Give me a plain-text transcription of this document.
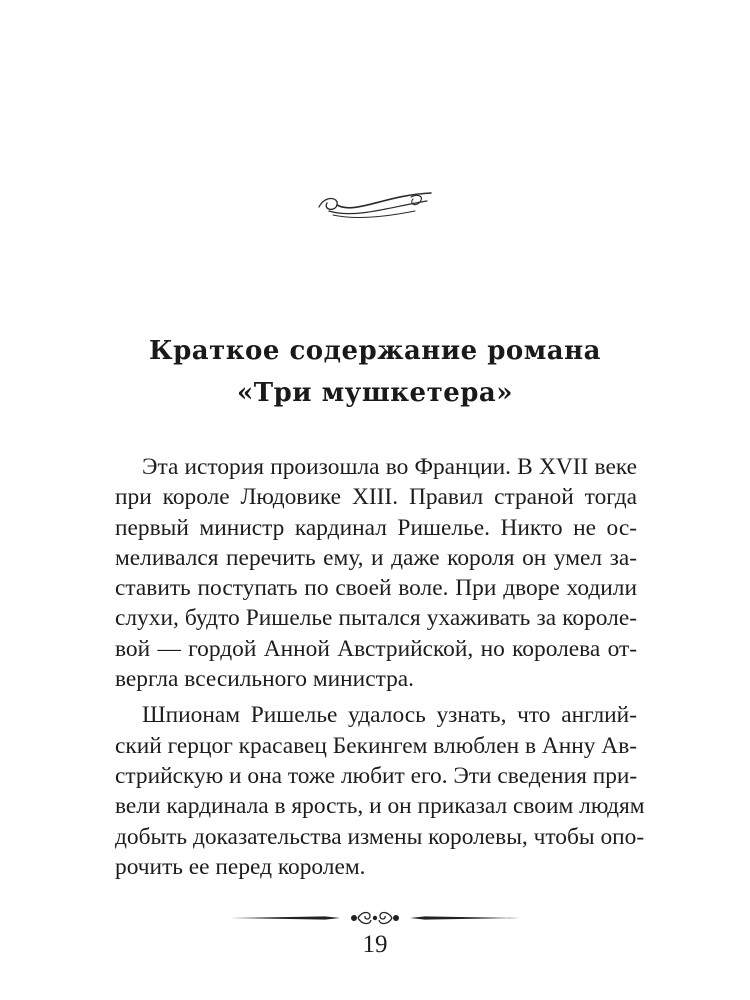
Краткое содержание романа
«Три мушкетера»

Эта история произошла во Франции. В XVII веке
при короле Людовике XIII. Правил страной тогда
первый министр кардинал Ришелье. Никто не ос-
меливался перечить ему, и даже короля он умел за-
ставить поступать по своей воле. При дворе ходили
слухи, будто Ришелье пытался ухаживать за короле-
вой — гордой Анной Австрийской, но королева от-
вергла всесильного министра.

Шпионам Ришелье удалось узнать, что англий-
ский герцог красавец Бекингем влюблен в Анну Ав-
стрийскую и она тоже любит его. Эти сведения при-
вели кардинала в ярость, и он приказал своим людям
добыть доказательства измены королевы, чтобы опо-
рочить ее перед королем.

19
